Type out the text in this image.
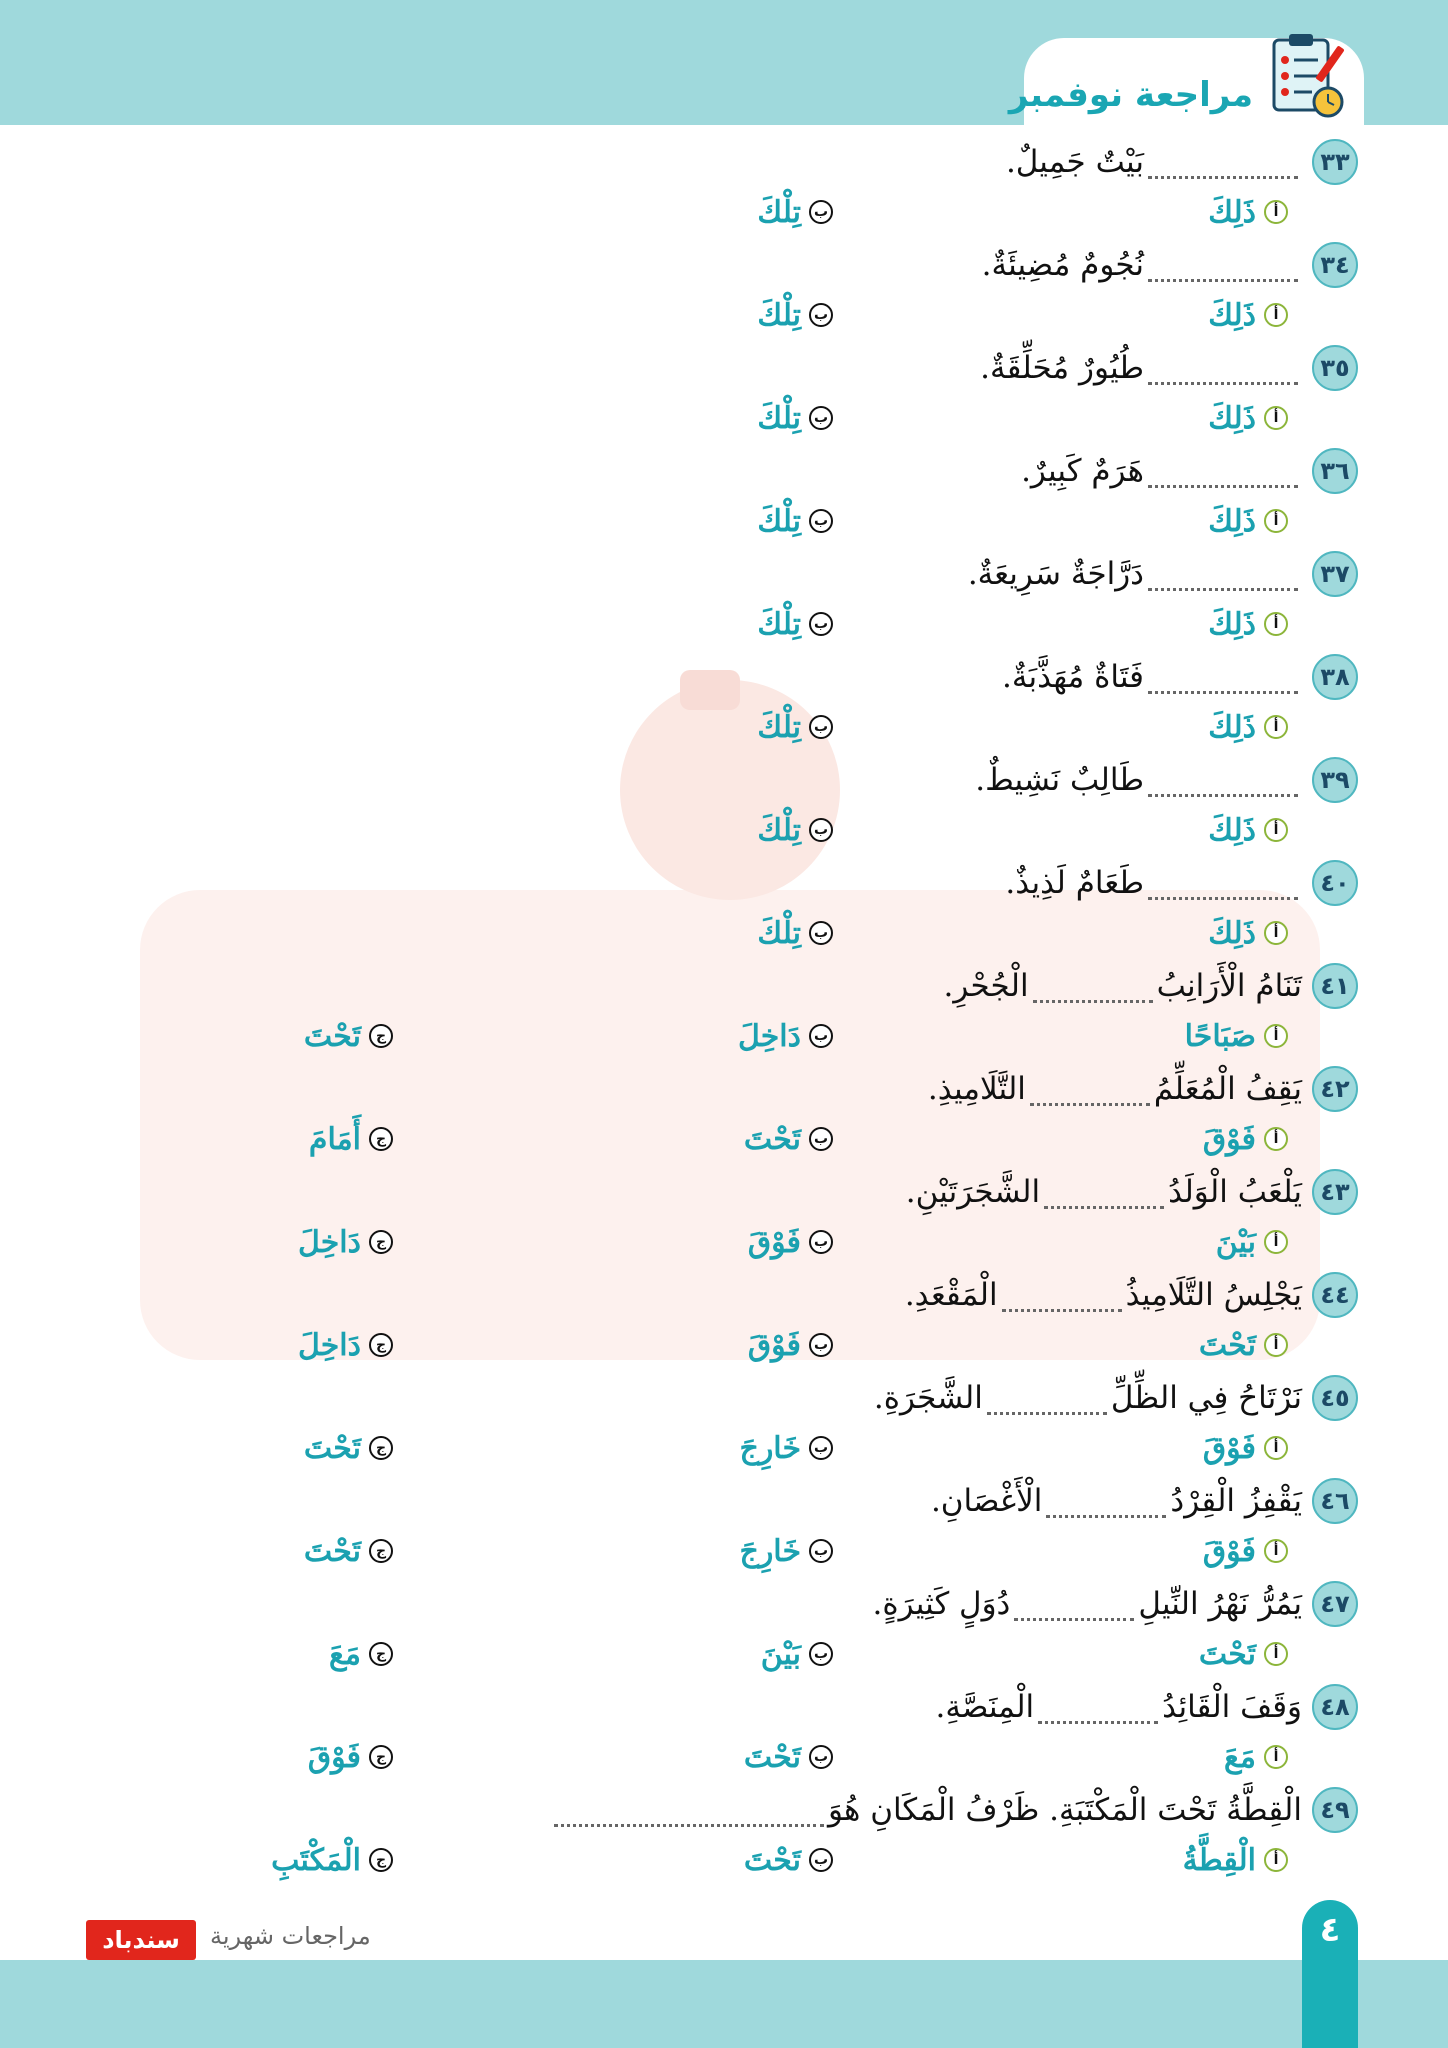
مراجعة نوفمبر
٣٣
بَيْتٌ جَمِيلٌ.
أ
ذَلِكَ
ب
تِلْكَ
٣٤
نُجُومٌ مُضِيئَةٌ.
أ
ذَلِكَ
ب
تِلْكَ
٣٥
طُيُورٌ مُحَلِّقَةٌ.
أ
ذَلِكَ
ب
تِلْكَ
٣٦
هَرَمٌ كَبِيرٌ.
أ
ذَلِكَ
ب
تِلْكَ
٣٧
دَرَّاجَةٌ سَرِيعَةٌ.
أ
ذَلِكَ
ب
تِلْكَ
٣٨
فَتَاةٌ مُهَذَّبَةٌ.
أ
ذَلِكَ
ب
تِلْكَ
٣٩
طَالِبٌ نَشِيطٌ.
أ
ذَلِكَ
ب
تِلْكَ
٤٠
طَعَامٌ لَذِيذٌ.
أ
ذَلِكَ
ب
تِلْكَ
٤١
تَنَامُ الْأَرَانِبُ
الْجُحْرِ.
أ
صَبَاحًا
ب
دَاخِلَ
ج
تَحْتَ
٤٢
يَقِفُ الْمُعَلِّمُ
التَّلَامِيذِ.
أ
فَوْقَ
ب
تَحْتَ
ج
أَمَامَ
٤٣
يَلْعَبُ الْوَلَدُ
الشَّجَرَتَيْنِ.
أ
بَيْنَ
ب
فَوْقَ
ج
دَاخِلَ
٤٤
يَجْلِسُ التَّلَامِيذُ
الْمَقْعَدِ.
أ
تَحْتَ
ب
فَوْقَ
ج
دَاخِلَ
٤٥
نَرْتَاحُ فِي الظِّلِّ
الشَّجَرَةِ.
أ
فَوْقَ
ب
خَارِجَ
ج
تَحْتَ
٤٦
يَقْفِزُ الْقِرْدُ
الْأَغْصَانِ.
أ
فَوْقَ
ب
خَارِجَ
ج
تَحْتَ
٤٧
يَمُرُّ نَهْرُ النِّيلِ
دُوَلٍ كَثِيرَةٍ.
أ
تَحْتَ
ب
بَيْنَ
ج
مَعَ
٤٨
وَقَفَ الْقَائِدُ
الْمِنَصَّةِ.
أ
مَعَ
ب
تَحْتَ
ج
فَوْقَ
٤٩
الْقِطَّةُ تَحْتَ الْمَكْتَبَةِ. ظَرْفُ الْمَكَانِ هُوَ
أ
الْقِطَّةُ
ب
تَحْتَ
ج
الْمَكْتَبِ
سندباد	مراجعات شهرية	٤
